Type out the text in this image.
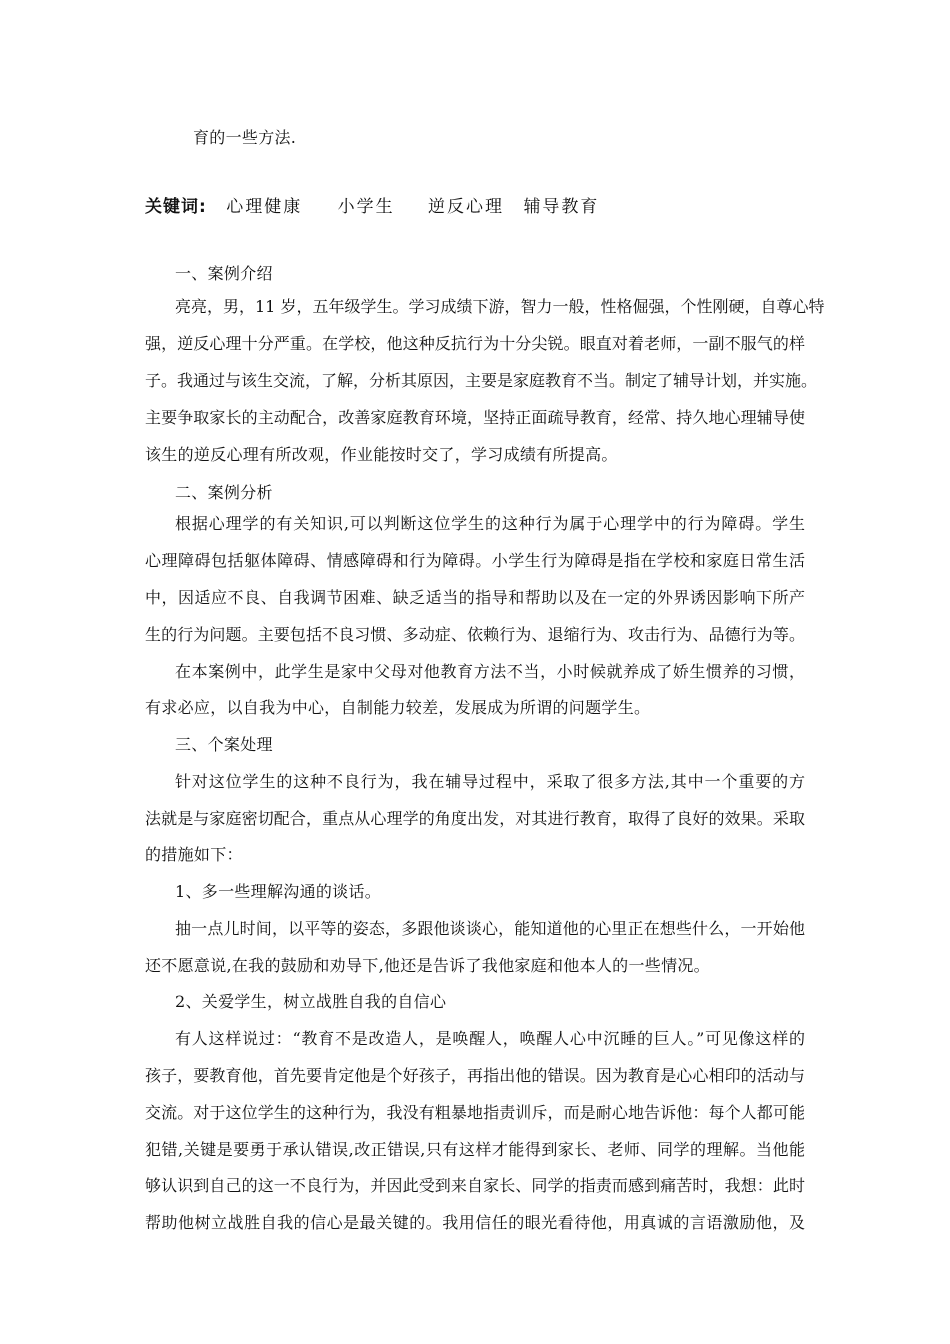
育的一些方法.
关键词: 心理健康 小学生 逆反心理 辅导教育
一、案例介绍
亮亮，男，11 岁，五年级学生。学习成绩下游，智力一般，性格倔强，个性刚硬，自尊心特
强，逆反心理十分严重。在学校，他这种反抗行为十分尖锐。眼直对着老师，一副不服气的样
子。我通过与该生交流，了解，分析其原因，主要是家庭教育不当。制定了辅导计划，并实施。
主要争取家长的主动配合，改善家庭教育环境，坚持正面疏导教育，经常、持久地心理辅导使
该生的逆反心理有所改观，作业能按时交了，学习成绩有所提高。
二、案例分析
根据心理学的有关知识,可以判断这位学生的这种行为属于心理学中的行为障碍。学生
心理障碍包括躯体障碍、情感障碍和行为障碍。小学生行为障碍是指在学校和家庭日常生活
中，因适应不良、自我调节困难、缺乏适当的指导和帮助以及在一定的外界诱因影响下所产
生的行为问题。主要包括不良习惯、多动症、依赖行为、退缩行为、攻击行为、品德行为等。
在本案例中，此学生是家中父母对他教育方法不当，小时候就养成了娇生惯养的习惯，
有求必应，以自我为中心，自制能力较差，发展成为所谓的问题学生。
三、个案处理
针对这位学生的这种不良行为，我在辅导过程中，采取了很多方法,其中一个重要的方
法就是与家庭密切配合，重点从心理学的角度出发，对其进行教育，取得了良好的效果。采取
的措施如下：
1、多一些理解沟通的谈话。
抽一点儿时间，以平等的姿态，多跟他谈谈心，能知道他的心里正在想些什么，一开始他
还不愿意说,在我的鼓励和劝导下,他还是告诉了我他家庭和他本人的一些情况。
2、关爱学生，树立战胜自我的自信心
有人这样说过：“教育不是改造人，是唤醒人，唤醒人心中沉睡的巨人。”可见像这样的
孩子，要教育他，首先要肯定他是个好孩子，再指出他的错误。因为教育是心心相印的活动与
交流。对于这位学生的这种行为，我没有粗暴地指责训斥，而是耐心地告诉他：每个人都可能
犯错,关键是要勇于承认错误,改正错误,只有这样才能得到家长、老师、同学的理解。当他能
够认识到自己的这一不良行为，并因此受到来自家长、同学的指责而感到痛苦时，我想：此时
帮助他树立战胜自我的信心是最关键的。我用信任的眼光看待他，用真诚的言语激励他，及
